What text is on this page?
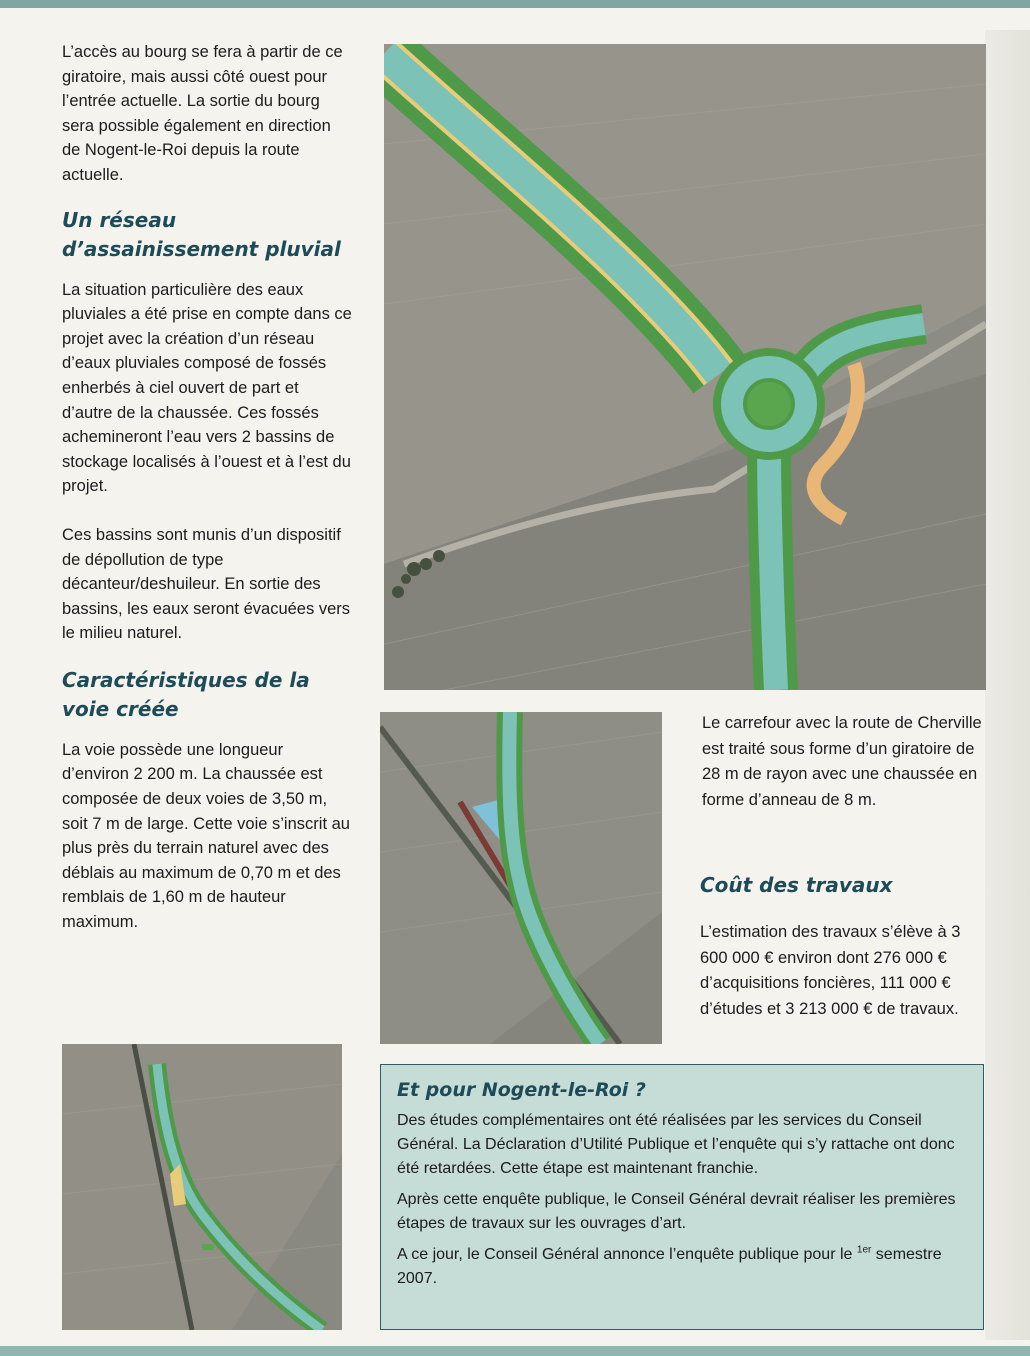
L’accès au bourg se fera à partir de ce giratoire, mais aussi côté ouest pour l’entrée actuelle. La sortie du bourg sera possible également en direction de Nogent-le-Roi depuis la route actuelle.

Un réseau d’assainissement pluvial

La situation particulière des eaux pluviales a été prise en compte dans ce projet avec la création d’un réseau d’eaux pluviales composé de fossés enherbés à ciel ouvert de part et d’autre de la chaussée. Ces fossés achemineront l’eau vers 2 bassins de stockage localisés à l’ouest et à l’est du projet.

Ces bassins sont munis d’un dispositif de dépollution de type décanteur/deshuileur. En sortie des bassins, les eaux seront évacuées vers le milieu naturel.

Caractéristiques de la voie créée

La voie possède une longueur d’environ 2 200 m. La chaussée est composée de deux voies de 3,50 m, soit 7 m de large. Cette voie s’inscrit au plus près du terrain naturel avec des déblais au maximum de 0,70 m et des remblais de 1,60 m de hauteur maximum.

Le carrefour avec la route de Cherville est traité sous forme d’un giratoire de 28 m de rayon avec une chaussée en forme d’anneau de 8 m.

Coût des travaux

L’estimation des travaux s’élève à 3 600 000 € environ dont 276 000 € d’acquisitions foncières, 111 000 € d’études et 3 213 000 € de travaux.

Et pour Nogent-le-Roi ?

Des études complémentaires ont été réalisées par les services du Conseil Général. La Déclaration d’Utilité Publique et l’enquête qui s’y rattache ont donc été retardées. Cette étape est maintenant franchie.

Après cette enquête publique, le Conseil Général devrait réaliser les premières étapes de travaux sur les ouvrages d’art.

A ce jour, le Conseil Général annonce l’enquête publique pour le $^{1er}$ semestre 2007.
